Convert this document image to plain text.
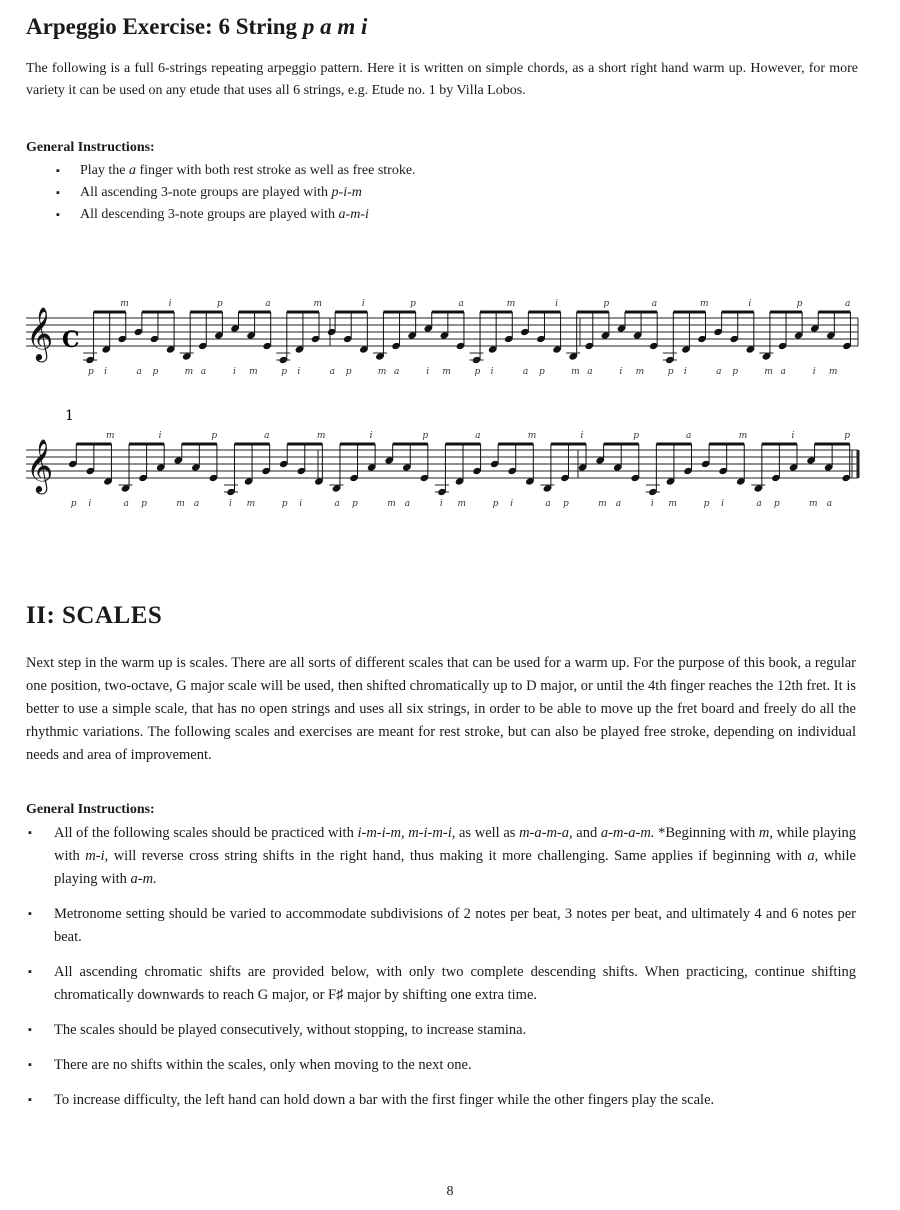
Arpeggio Exercise: 6 String p a m i
The following is a full 6-strings repeating arpeggio pattern. Here it is written on simple chords, as a short right hand warm up. However, for more variety it can be used on any etude that uses all 6 strings, e.g. Etude no. 1 by Villa Lobos.
General Instructions:
▪ Play the a finger with both rest stroke as well as free stroke.
▪ All ascending 3-note groups are played with p-i-m
▪ All descending 3-note groups are played with a-m-i
𝄞
p i
m
a p
i
m a
p
i m
a
p i
m
a p
i
m a
p
i m
a
p i
m
a p
i
m a
p
i m
a
p i
m
a p
i
m a
p
i m
a
𝄞
p i
m
a p
i
m a
p
i m
a
p i
m
a p
i
m a
p
i m
a
p i
m
a p
i
m a
p
i m
a
p i
m
a p
i
m a
p
C
1
II: SCALES
Next step in the warm up is scales. There are all sorts of different scales that can be used for a warm up. For the purpose of this book, a regular one position, two-octave, G major scale will be used, then shifted chromatically up to D major, or until the 4th finger reaches the 12th fret. It is better to use a simple scale, that has no open strings and uses all six strings, in order to be able to move up the fret board and freely do all the rhythmic variations. The following scales and exercises are meant for rest stroke, but can also be played free stroke, depending on individual needs and area of improvement.
General Instructions:
▪ All of the following scales should be practiced with i-m-i-m, m-i-m-i, as well as m-a-m-a, and a-m-a-m. *Beginning with m, while playing with m-i, will reverse cross string shifts in the right hand, thus making it more challenging. Same applies if beginning with a, while playing with a-m.
▪ Metronome setting should be varied to accommodate subdivisions of 2 notes per beat, 3 notes per beat, and ultimately 4 and 6 notes per beat.
▪ All ascending chromatic shifts are provided below, with only two complete descending shifts. When practicing, continue shifting chromatically downwards to reach G major, or F♯ major by shifting one extra time.
▪ The scales should be played consecutively, without stopping, to increase stamina.
▪ There are no shifts within the scales, only when moving to the next one.
▪ To increase difficulty, the left hand can hold down a bar with the first finger while the other fingers play the scale.
8
